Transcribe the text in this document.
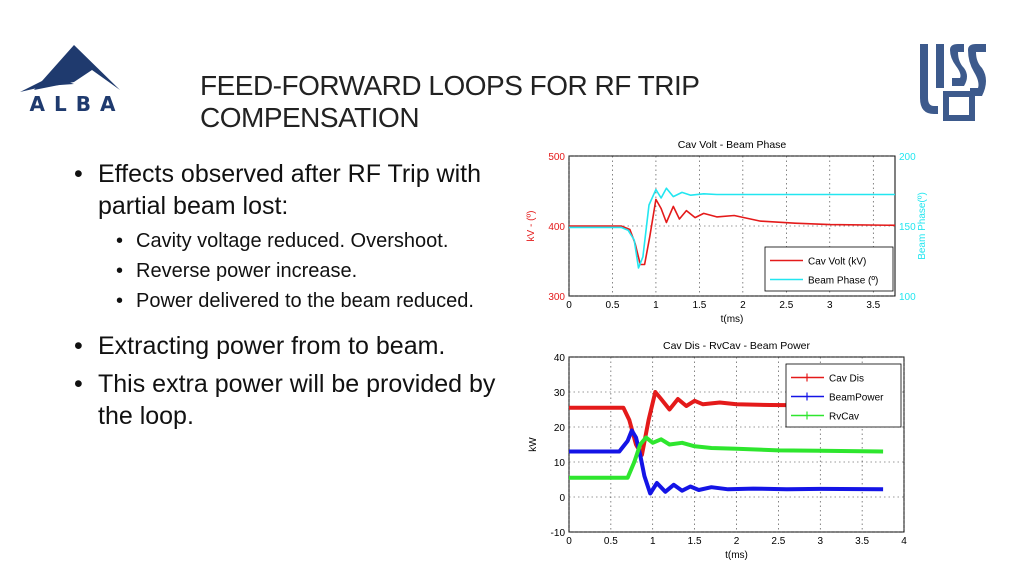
ALBA
FEED-FORWARD LOOPS FOR RF TRIP COMPENSATION
• Effects observed after RF Trip with partial beam lost:
• Cavity voltage reduced. Overshoot.
• Reverse power increase.
• Power delivered to the beam reduced.
• Extracting power from to beam.
• This extra power will be provided by the loop.
0	0.5	1	1.5	2	2.5	3	3.5
300
400
500
100
150
200
Cav Volt - Beam Phase
t(ms)
kV - (º)	Beam Phase(º)
Cav Volt (kV)
Beam Phase (º)
0	0.5	1	1.5	2	2.5	3	3.5	4
-10
0
10
20
30
40
Cav Dis - RvCav - Beam Power
t(ms)
kW
Cav Dis
BeamPower
RvCav
